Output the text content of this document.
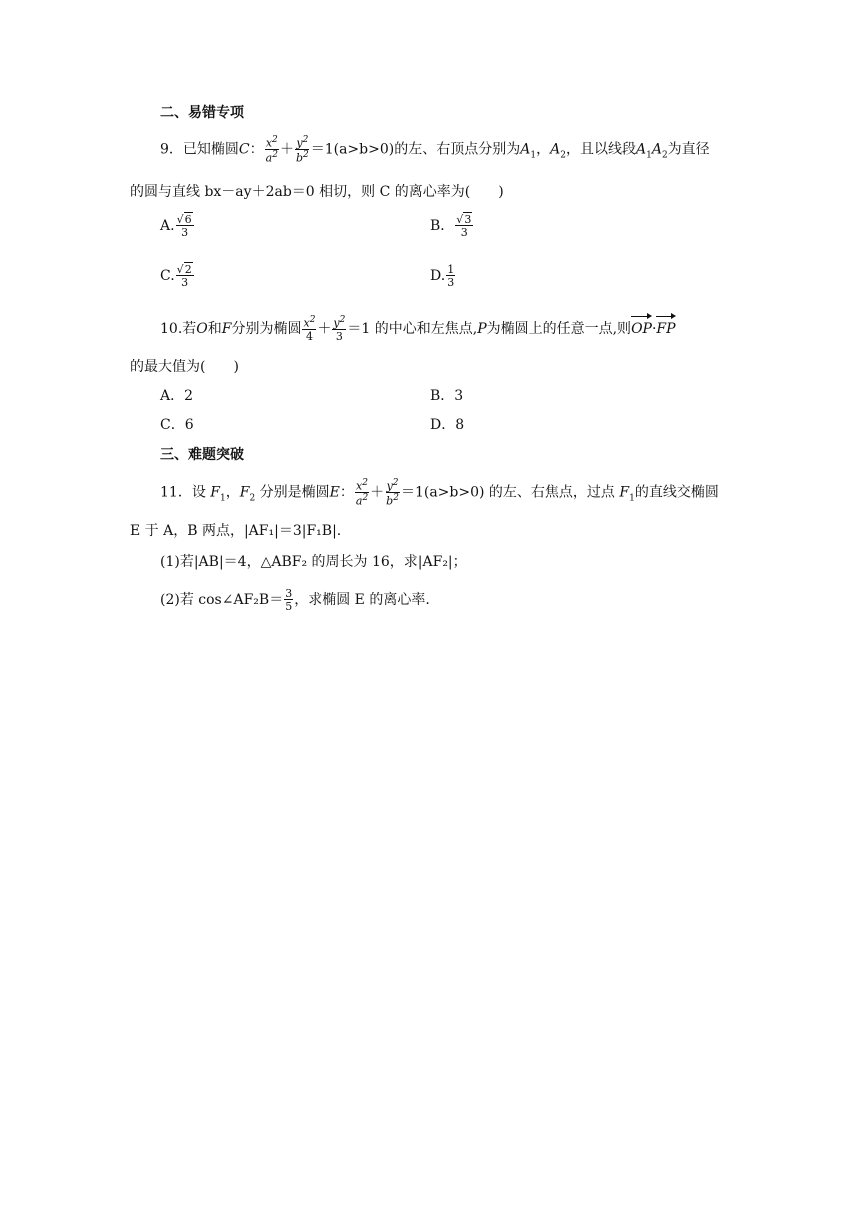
二、易错专项
9．已知椭圆C： $\frac{x^2}{a^2} + \frac{y^2}{b^2} =1(a>b>0)$的左、右顶点分别为$A_1$，$A_2$，且以线段$A_1A_2$为直径
的圆与直线 bx－ay＋2ab＝0 相切，则 C 的离心率为(　　)
A. $\frac{√6}{3}$	B． $\frac{√3}{3}$
C. $\frac{√2}{3}$	D. $\frac{1}{3}$
10.若O和F分别为椭圆 $\frac{x^2}{4} + \frac{y^2}{3} =1$ 的中心和左焦点,P为椭圆上的任意一点,则OP·FP
的最大值为(　　)
A．2	B．3
C．6	D．8
三、难题突破
11．设 $F_1$，$F_2$ 分别是椭圆E： $\frac{x^2}{a^2} + \frac{y^2}{b^2} =1(a>b>0)$ 的左、右焦点，过点 $F_1$的直线交椭圆
E 于 A，B 两点，|AF₁|＝3|F₁B|.
(1)若|AB|＝4，△ABF₂ 的周长为 16，求|AF₂|；
(2)若 cos∠AF₂B＝ $\frac{3}{5}$ ，求椭圆 E 的离心率.
